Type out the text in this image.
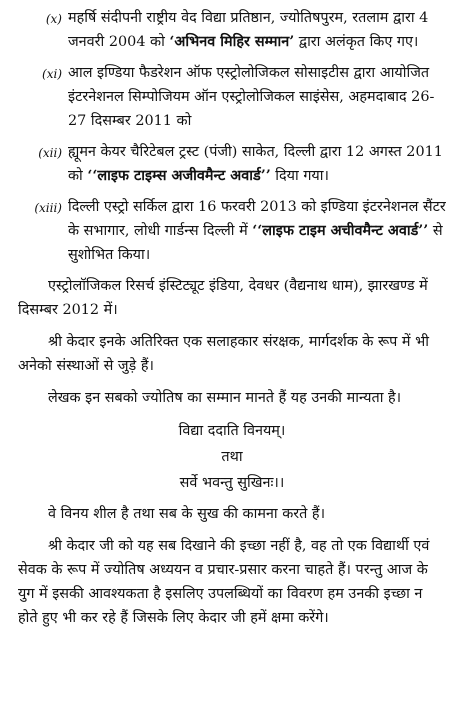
(x) महर्षि संदीपनी राष्ट्रीय वेद विद्या प्रतिष्ठान, ज्योतिषपुरम, रतलाम द्वारा 4 जनवरी 2004 को ‘अभिनव मिहिर सम्मान’ द्वारा अलंकृत किए गए।
(xi) आल इण्डिया फैडरेशन ऑफ एस्ट्रोलोजिकल सोसाइटीस द्वारा आयोजित इंटरनेशनल सिम्पोजियम ऑन एस्ट्रोलोजिकल साइंसेस, अहमदाबाद 26-27 दिसम्बर 2011 को
(xii) ह्यूमन केयर चैरिटेबल ट्रस्ट (पंजी) साकेत, दिल्ली द्वारा 12 अगस्त 2011 को ‘‘लाइफ टाइम्स अजीवमैन्ट अवार्ड’’ दिया गया।
(xiii) दिल्ली एस्ट्रो सर्किल द्वारा 16 फरवरी 2013 को इण्डिया इंटरनेशनल सैंटर के सभागार, लोधी गार्डन्स दिल्ली में ‘‘लाइफ टाइम अचीवमैन्ट अवार्ड’’ से सुशोभित किया।

एस्ट्रोलॉजिकल रिसर्च इंस्टिट्यूट इंडिया, देवधर (वैद्यनाथ धाम), झारखण्ड में दिसम्बर 2012 में।

श्री केदार इनके अतिरिक्त एक सलाहकार संरक्षक, मार्गदर्शक के रूप में भी अनेको संस्थाओं से जुड़े हैं।

लेखक इन सबको ज्योतिष का सम्मान मानते हैं यह उनकी मान्यता है।

विद्या ददाति विनयम्।
तथा
सर्वे भवन्तु सुखिनः।।

वे विनय शील है तथा सब के सुख की कामना करते हैं।

श्री केदार जी को यह सब दिखाने की इच्छा नहीं है, वह तो एक विद्यार्थी एवं सेवक के रूप में ज्योतिष अध्ययन व प्रचार-प्रसार करना चाहते हैं। परन्तु आज के युग में इसकी आवश्यकता है इसलिए उपलब्धियों का विवरण हम उनकी इच्छा न होते हुए भी कर रहे हैं जिसके लिए केदार जी हमें क्षमा करेंगे।
